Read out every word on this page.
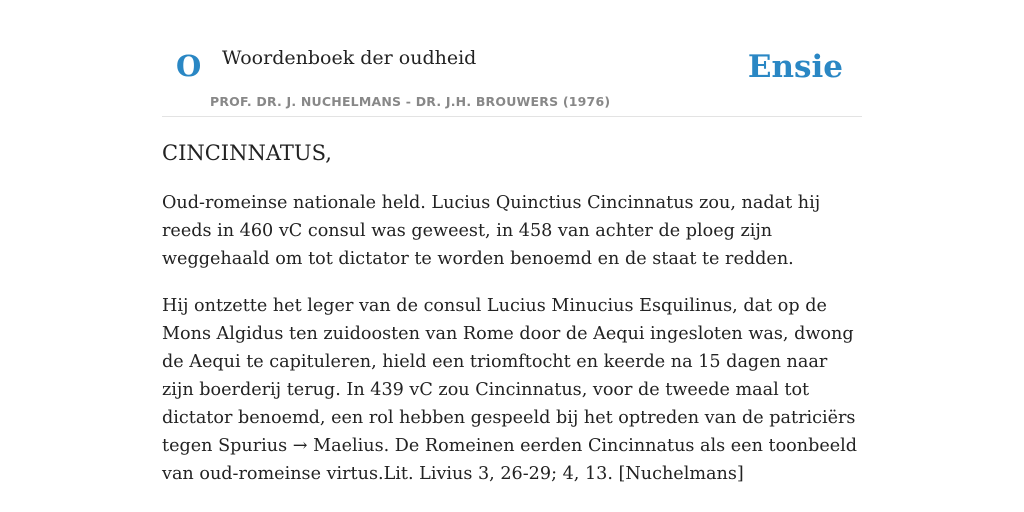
O Woordenboek der oudheid
PROF. DR. J. NUCHELMANS - DR. J.H. BROUWERS (1976)
Ensie
CINCINNATUS,

Oud-romeinse nationale held. Lucius Quinctius Cincinnatus zou, nadat hij reeds in 460 vC consul was geweest, in 458 van achter de ploeg zijn weggehaald om tot dictator te worden benoemd en de staat te redden.

Hij ontzette het leger van de consul Lucius Minucius Esquilinus, dat op de Mons Algidus ten zuidoosten van Rome door de Aequi ingesloten was, dwong de Aequi te capituleren, hield een triomftocht en keerde na 15 dagen naar zijn boerderij terug. In 439 vC zou Cincinnatus, voor de tweede maal tot dictator benoemd, een rol hebben gespeeld bij het optreden van de patriciërs tegen Spurius → Maelius. De Romeinen eerden Cincinnatus als een toonbeeld van oud-romeinse virtus.Lit. Livius 3, 26-29; 4, 13. [Nuchelmans]
